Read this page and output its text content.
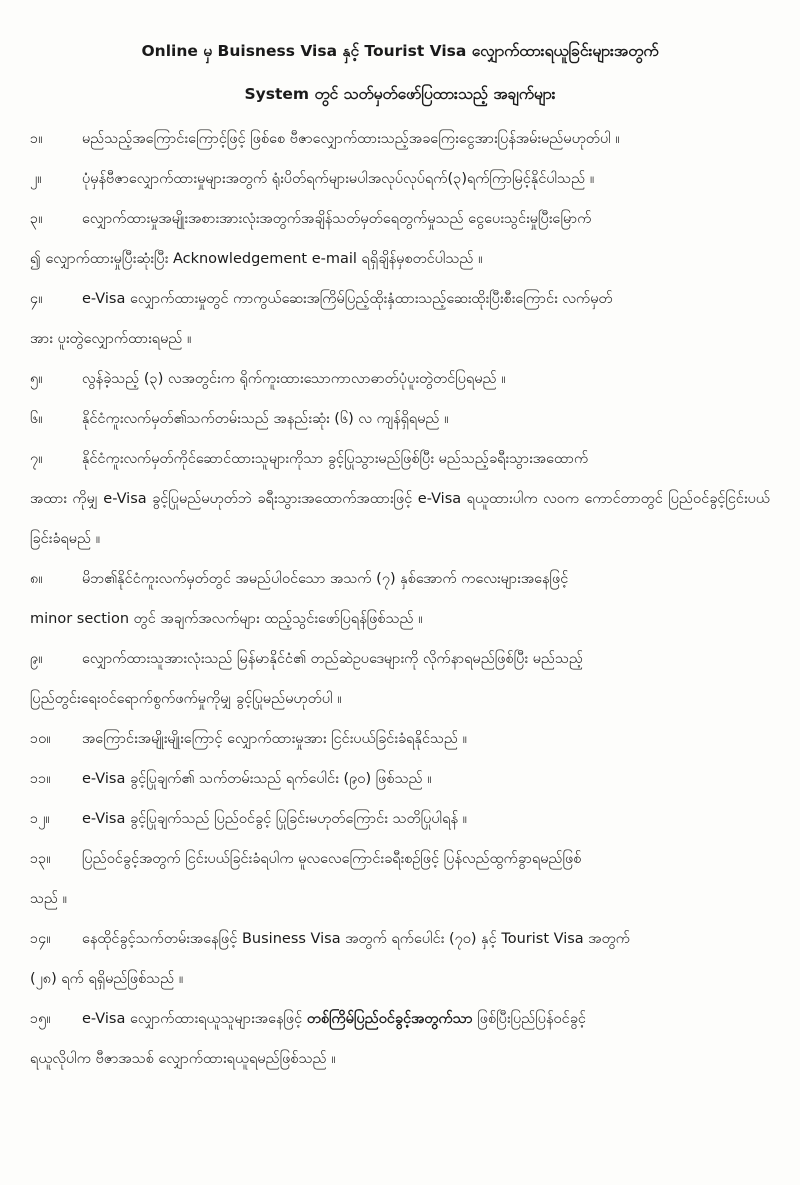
Online မှ Buisness Visa နှင့် Tourist Visa လျှောက်ထားရယူခြင်းများအတွက်

System တွင် သတ်မှတ်ဖော်ပြထားသည့် အချက်များ

၁။	မည်သည့်အကြောင်းကြောင့်ဖြင့် ဖြစ်စေ ဗီဇာလျှောက်ထားသည့်အခကြေးငွေအားပြန်အမ်းမည်မဟုတ်ပါ ။
၂။	ပုံမှန်ဗီဇာလျှောက်ထားမှုများအတွက် ရုံးပိတ်ရက်များမပါအလုပ်လုပ်ရက်(၃)ရက်ကြာမြင့်နိုင်ပါသည် ။
၃။	လျှောက်ထားမှုအမျိုးအစားအားလုံးအတွက်အချိန်သတ်မှတ်ရေတွက်မှုသည် ငွေပေးသွင်းမှုပြီးမြောက်
၍ လျှောက်ထားမှုပြီးဆုံးပြီး Acknowledgement e-mail ရရှိချိန်မှစတင်ပါသည် ။
၄။	e-Visa လျှောက်ထားမှုတွင် ကာကွယ်ဆေးအကြိမ်ပြည့်ထိုးနှံထားသည့်ဆေးထိုးပြီးစီးကြောင်း လက်မှတ်
အား ပူးတွဲလျှောက်ထားရမည် ။
၅။	လွန်ခဲ့သည့် (၃) လအတွင်းက ရိုက်ကူးထားသောကာလာဓာတ်ပုံပူးတွဲတင်ပြရမည် ။
၆။	နိုင်ငံကူးလက်မှတ်၏သက်တမ်းသည် အနည်းဆုံး (၆) လ ကျန်ရှိရမည် ။
၇။	နိုင်ငံကူးလက်မှတ်ကိုင်ဆောင်ထားသူများကိုသာ ခွင့်ပြုသွားမည်ဖြစ်ပြီး မည်သည့်ခရီးသွားအထောက်
အထား ကိုမျှ e-Visa ခွင့်ပြုမည်မဟုတ်ဘဲ ခရီးသွားအထောက်အထားဖြင့် e-Visa ရယူထားပါက လဝက ကောင်တာတွင် ပြည်ဝင်ခွင့်ငြင်းပယ်ခြင်းခံရမည် ။
၈။	မိဘ၏နိုင်ငံကူးလက်မှတ်တွင် အမည်ပါဝင်သော အသက် (၇) နှစ်အောက် ကလေးများအနေဖြင့်
minor section တွင် အချက်အလက်များ ထည့်သွင်းဖော်ပြရန်ဖြစ်သည် ။
၉။	လျှောက်ထားသူအားလုံးသည် မြန်မာနိုင်ငံ၏ တည်ဆဲဥပဒေများကို လိုက်နာရမည်ဖြစ်ပြီး မည်သည့်
ပြည်တွင်းရေးဝင်ရောက်စွက်ဖက်မှုကိုမျှ ခွင့်ပြုမည်မဟုတ်ပါ ။
၁၀။	အကြောင်းအမျိုးမျိုးကြောင့် လျှောက်ထားမှုအား ငြင်းပယ်ခြင်းခံရနိုင်သည် ။
၁၁။	e-Visa ခွင့်ပြုချက်၏ သက်တမ်းသည် ရက်ပေါင်း (၉၀) ဖြစ်သည် ။
၁၂။	e-Visa ခွင့်ပြုချက်သည် ပြည်ဝင်ခွင့် ပြုခြင်းမဟုတ်ကြောင်း သတိပြုပါရန် ။
၁၃။	ပြည်ဝင်ခွင့်အတွက် ငြင်းပယ်ခြင်းခံရပါက မူလလေကြောင်းခရီးစဉ်ဖြင့် ပြန်လည်ထွက်ခွာရမည်ဖြစ်
သည် ။
၁၄။	နေထိုင်ခွင့်သက်တမ်းအနေဖြင့် Business Visa အတွက် ရက်ပေါင်း (၇၀) နှင့် Tourist Visa အတွက်
(၂၈) ရက် ရရှိမည်ဖြစ်သည် ။
၁၅။	e-Visa လျှောက်ထားရယူသူများအနေဖြင့် တစ်ကြိမ်ပြည်ဝင်ခွင့်အတွက်သာ ဖြစ်ပြီးပြည်ပြန်ဝင်ခွင့်
ရယူလိုပါက ဗီဇာအသစ် လျှောက်ထားရယူရမည်ဖြစ်သည် ။
